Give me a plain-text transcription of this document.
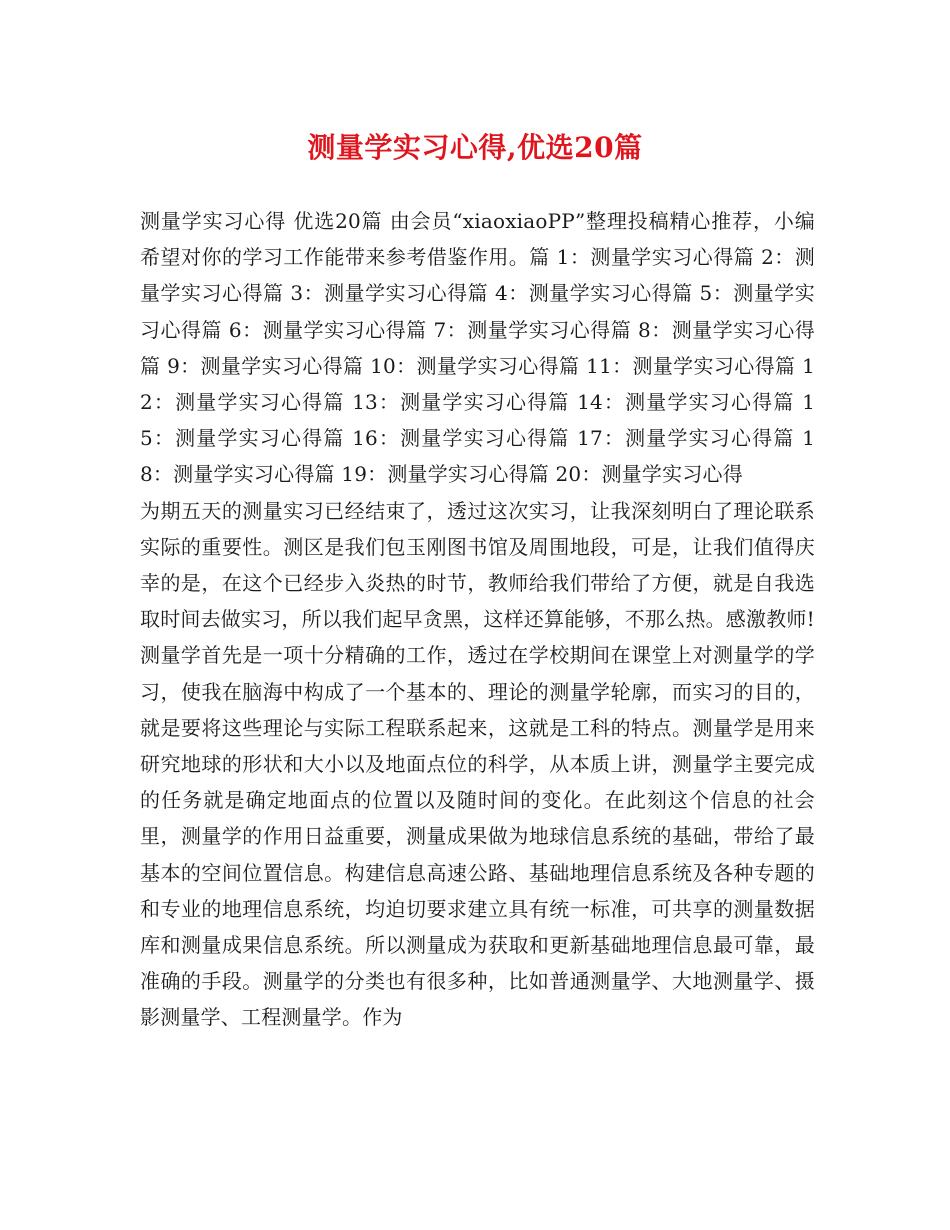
测量学实习心得,优选20篇

测量学实习心得 优选20篇 由会员“xiaoxiaoPP”整理投稿精心推荐，小编希望对你的学习工作能带来参考借鉴作用。篇 1：测量学实习心得篇 2：测量学实习心得篇 3：测量学实习心得篇 4：测量学实习心得篇 5：测量学实习心得篇 6：测量学实习心得篇 7：测量学实习心得篇 8：测量学实习心得篇 9：测量学实习心得篇 10：测量学实习心得篇 11：测量学实习心得篇 12：测量学实习心得篇 13：测量学实习心得篇 14：测量学实习心得篇 15：测量学实习心得篇 16：测量学实习心得篇 17：测量学实习心得篇 18：测量学实习心得篇 19：测量学实习心得篇 20：测量学实习心得

为期五天的测量实习已经结束了，透过这次实习，让我深刻明白了理论联系实际的重要性。测区是我们包玉刚图书馆及周围地段，可是，让我们值得庆幸的是，在这个已经步入炎热的时节，教师给我们带给了方便，就是自我选取时间去做实习，所以我们起早贪黑，这样还算能够，不那么热。感激教师!

测量学首先是一项十分精确的工作，透过在学校期间在课堂上对测量学的学习，使我在脑海中构成了一个基本的、理论的测量学轮廓，而实习的目的，就是要将这些理论与实际工程联系起来，这就是工科的特点。测量学是用来研究地球的形状和大小以及地面点位的科学，从本质上讲，测量学主要完成的任务就是确定地面点的位置以及随时间的变化。在此刻这个信息的社会里，测量学的作用日益重要，测量成果做为地球信息系统的基础，带给了最基本的空间位置信息。构建信息高速公路、基础地理信息系统及各种专题的和专业的地理信息系统，均迫切要求建立具有统一标准，可共享的测量数据库和测量成果信息系统。所以测量成为获取和更新基础地理信息最可靠，最准确的手段。测量学的分类也有很多种，比如普通测量学、大地测量学、摄影测量学、工程测量学。作为
